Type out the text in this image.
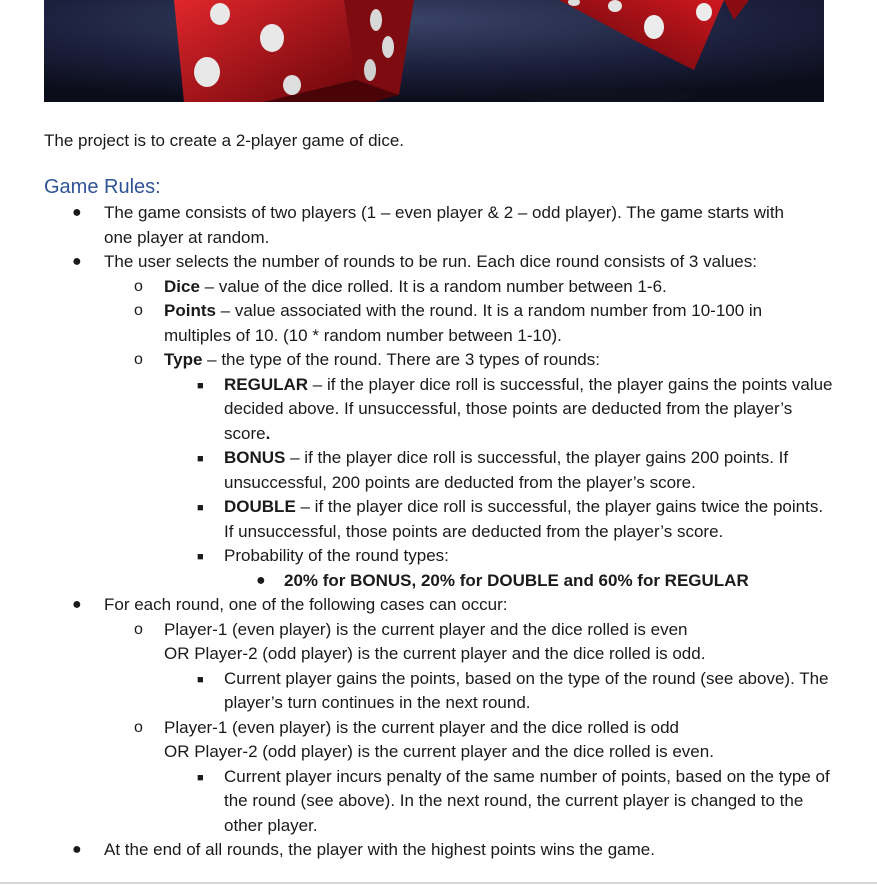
The project is to create a 2-player game of dice.
Game Rules:
● The game consists of two players (1 – even player & 2 – odd player). The game starts with one player at random.
● The user selects the number of rounds to be run. Each dice round consists of 3 values:
o Dice – value of the dice rolled. It is a random number between 1-6.
o Points – value associated with the round. It is a random number from 10-100 in multiples of 10. (10 * random number between 1-10).
o Type – the type of the round. There are 3 types of rounds:
■ REGULAR – if the player dice roll is successful, the player gains the points value decided above. If unsuccessful, those points are deducted from the player’s score.
■ BONUS – if the player dice roll is successful, the player gains 200 points. If unsuccessful, 200 points are deducted from the player’s score.
■ DOUBLE – if the player dice roll is successful, the player gains twice the points. If unsuccessful, those points are deducted from the player’s score.
■ Probability of the round types:
● 20% for BONUS, 20% for DOUBLE and 60% for REGULAR
● For each round, one of the following cases can occur:
o Player-1 (even player) is the current player and the dice rolled is even
OR Player-2 (odd player) is the current player and the dice rolled is odd.
■ Current player gains the points, based on the type of the round (see above). The player’s turn continues in the next round.
o Player-1 (even player) is the current player and the dice rolled is odd
OR Player-2 (odd player) is the current player and the dice rolled is even.
■ Current player incurs penalty of the same number of points, based on the type of the round (see above). In the next round, the current player is changed to the other player.
● At the end of all rounds, the player with the highest points wins the game.
